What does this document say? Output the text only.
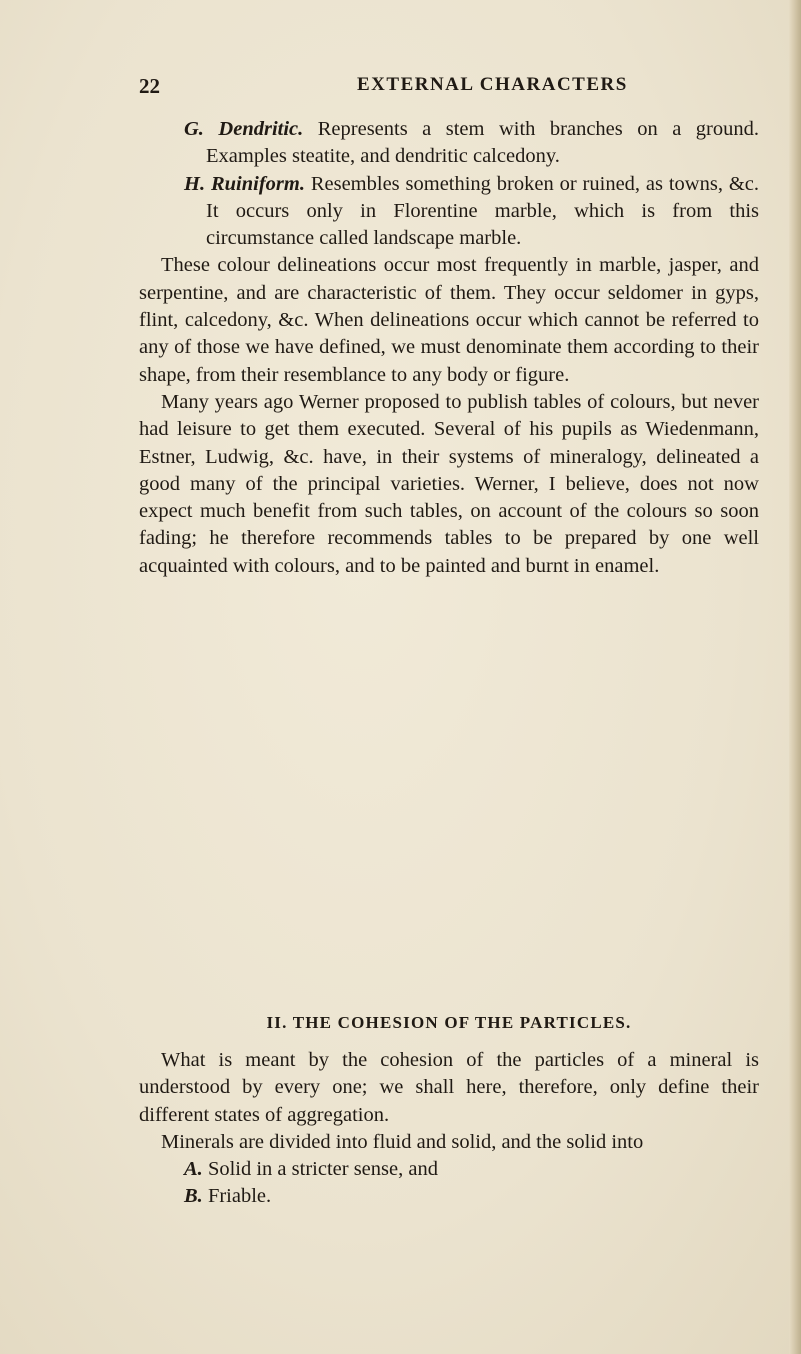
22	EXTERNAL CHARACTERS

G. Dendritic. Represents a stem with branches on a ground. Examples steatite, and dendritic calcedony.

H. Ruiniform. Resembles something broken or ruined, as towns, &c. It occurs only in Florentine marble, which is from this circumstance called landscape marble.

These colour delineations occur most frequently in marble, jasper, and serpentine, and are characteristic of them. They occur seldomer in gyps, flint, calcedony, &c. When delineations occur which cannot be referred to any of those we have defined, we must denominate them according to their shape, from their resemblance to any body or figure.

Many years ago Werner proposed to publish tables of colours, but never had leisure to get them executed. Several of his pupils as Wiedenmann, Estner, Ludwig, &c. have, in their systems of mineralogy, delineated a good many of the principal varieties. Werner, I believe, does not now expect much benefit from such tables, on account of the colours so soon fading; he therefore recommends tables to be prepared by one well acquainted with colours, and to be painted and burnt in enamel.

II. THE COHESION OF THE PARTICLES.

What is meant by the cohesion of the particles of a mineral is understood by every one; we shall here, therefore, only define their different states of aggregation.

Minerals are divided into fluid and solid, and the solid into

A. Solid in a stricter sense, and

B. Friable.
